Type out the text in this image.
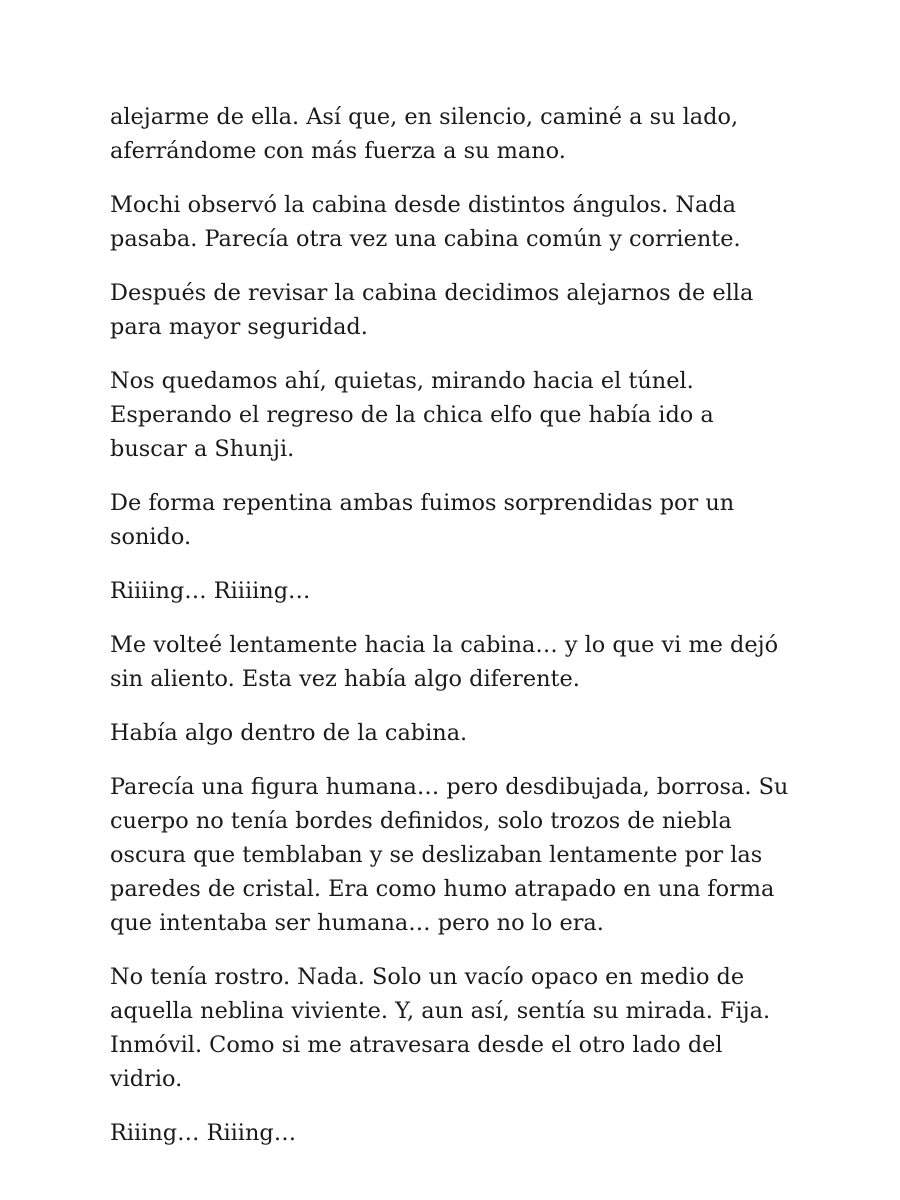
alejarme de ella. Así que, en silencio, caminé a su lado, aferrándome con más fuerza a su mano.

Mochi observó la cabina desde distintos ángulos. Nada pasaba. Parecía otra vez una cabina común y corriente.

Después de revisar la cabina decidimos alejarnos de ella para mayor seguridad.

Nos quedamos ahí, quietas, mirando hacia el túnel. Esperando el regreso de la chica elfo que había ido a buscar a Shunji.

De forma repentina ambas fuimos sorprendidas por un sonido.

Riiiing… Riiiing…

Me volteé lentamente hacia la cabina… y lo que vi me dejó sin aliento. Esta vez había algo diferente.

Había algo dentro de la cabina.

Parecía una figura humana… pero desdibujada, borrosa. Su cuerpo no tenía bordes definidos, solo trozos de niebla oscura que temblaban y se deslizaban lentamente por las paredes de cristal. Era como humo atrapado en una forma que intentaba ser humana… pero no lo era.

No tenía rostro. Nada. Solo un vacío opaco en medio de aquella neblina viviente. Y, aun así, sentía su mirada. Fija. Inmóvil. Como si me atravesara desde el otro lado del vidrio.

Riiing… Riiing…
